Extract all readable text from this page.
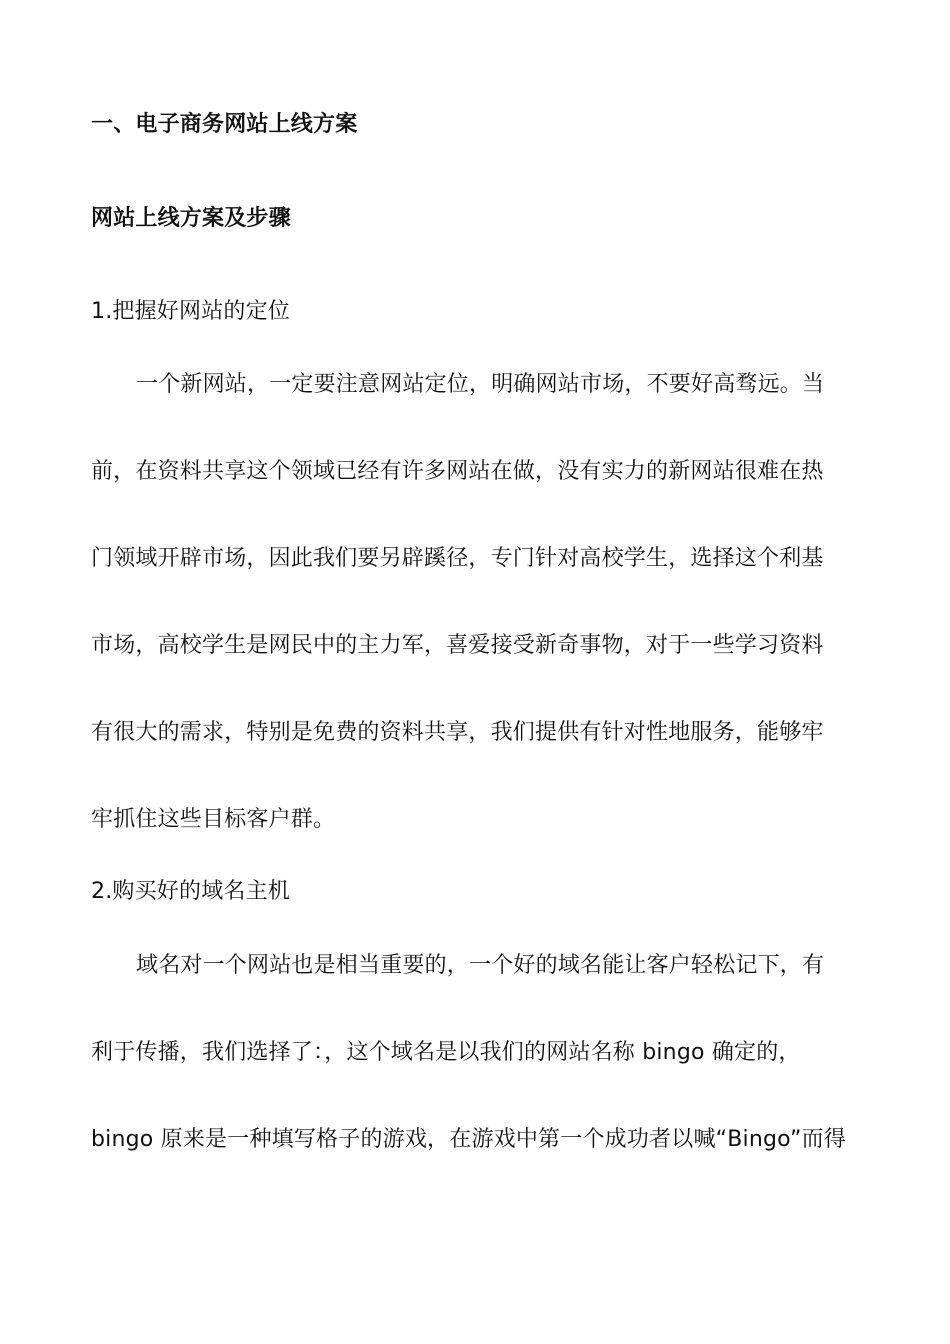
一、电子商务网站上线方案
网站上线方案及步骤
1.把握好网站的定位
一个新网站，一定要注意网站定位，明确网站市场，不要好高骛远。当
前，在资料共享这个领域已经有许多网站在做，没有实力的新网站很难在热
门领域开辟市场，因此我们要另辟蹊径，专门针对高校学生，选择这个利基
市场，高校学生是网民中的主力军，喜爱接受新奇事物，对于一些学习资料
有很大的需求，特别是免费的资料共享，我们提供有针对性地服务，能够牢
牢抓住这些目标客户群。
2.购买好的域名主机
域名对一个网站也是相当重要的，一个好的域名能让客户轻松记下，有
利于传播，我们选择了：，这个域名是以我们的网站名称 bingo 确定的，
bingo 原来是一种填写格子的游戏，在游戏中第一个成功者以喊“Bingo”而得
